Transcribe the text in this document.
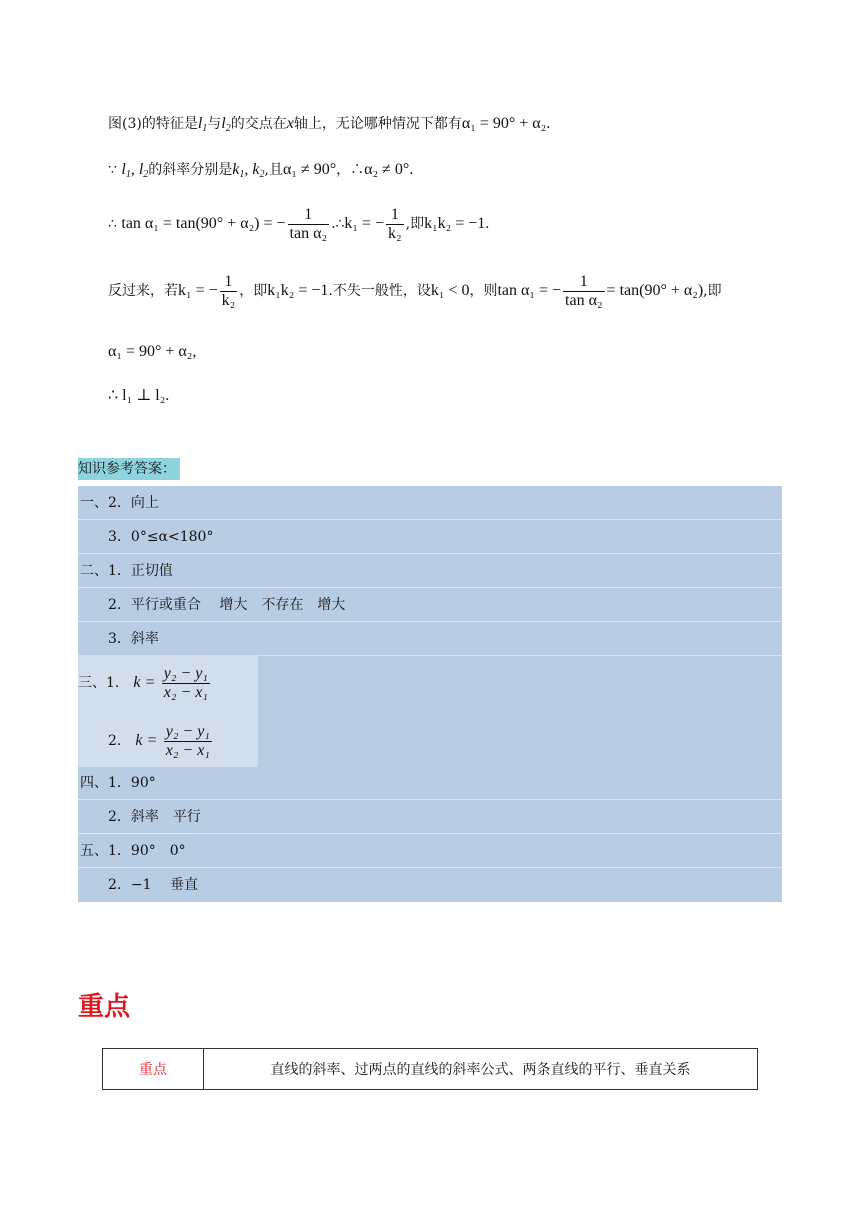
图(3)的特征是$l_1$与$l_2$的交点在x轴上，无论哪种情况下都有α₁ = 90° + α₂.
∵ $l_1$, $l_2$的斜率分别是$k_1$, $k_2$,且α₁ ≠ 90°，∴α₂ ≠ 0°.
∴ tan α₁ = tan(90° + α₂) = − $\frac{1}{\text{tan α₂}}$ .∴k₁ = − $\frac{1}{\text{k₂}}$ ,即k₁k₂ = −1.
反过来，若k₁ = − $\frac{1}{\text{k₂}}$ ，即k₁k₂ = −1.不失一般性，设k₁ < 0，则tan α₁ = − $\frac{1}{\text{tan α₂}} = \tan(90^\circ + \alpha_2)$,即
α₁ = 90° + α₂,
∴ l₁ ⊥ l₂.
知识参考答案：
一、2．向上
3．0°≤α<180°
二、1．正切值
2．平行或重合　 增大　不存在　增大
3．斜率
三、1． $k = \frac{\text{y₂ − y₁}}{\text{x₂ − x₁}}$
2． $k = \frac{\text{y₂ − y₁}}{\text{x₂ − x₁}}$
四、1．90°
2．斜率　平行
五、1．90°　0°
2．−1　 垂直
重点
重点	直线的斜率、过两点的直线的斜率公式、两条直线的平行、垂直关系
